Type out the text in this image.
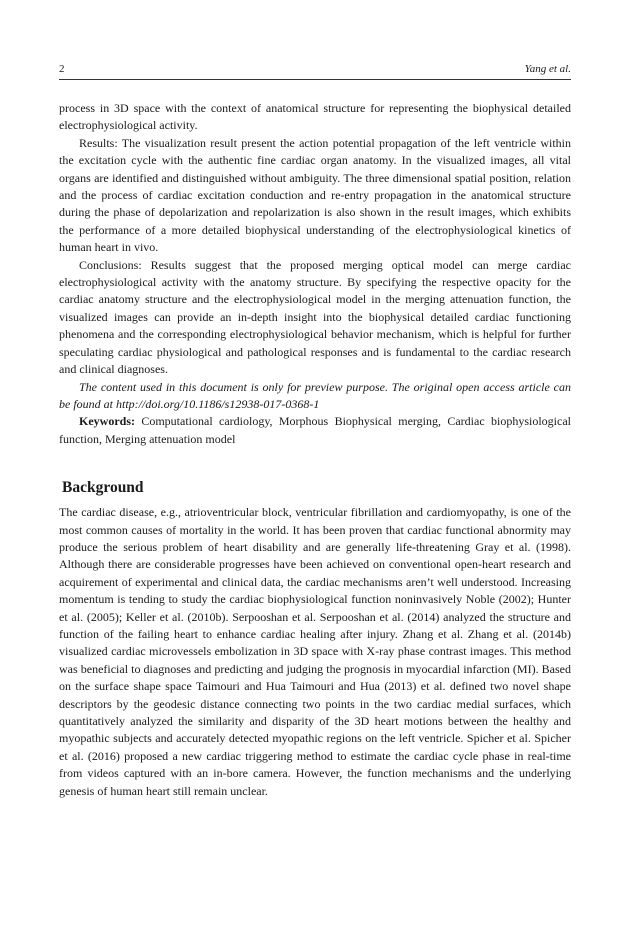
2	Yang et al.

process in 3D space with the context of anatomical structure for representing the biophysical detailed electrophysiological activity.

Results: The visualization result present the action potential propagation of the left ventricle within the excitation cycle with the authentic fine cardiac organ anatomy. In the visualized images, all vital organs are identified and distinguished without ambiguity. The three dimensional spatial position, relation and the process of cardiac excitation conduction and re-entry propagation in the anatomical structure during the phase of depolarization and repolarization is also shown in the result images, which exhibits the performance of a more detailed biophysical understanding of the electrophysiological kinetics of human heart in vivo.

Conclusions: Results suggest that the proposed merging optical model can merge cardiac electrophysiological activity with the anatomy structure. By specifying the respective opacity for the cardiac anatomy structure and the electrophysiological model in the merging attenuation function, the visualized images can provide an in-depth insight into the biophysical detailed cardiac functioning phenomena and the corresponding electrophysiological behavior mechanism, which is helpful for further speculating cardiac physiological and pathological responses and is fundamental to the cardiac research and clinical diagnoses.

The content used in this document is only for preview purpose. The original open access article can be found at http://doi.org/10.1186/s12938-017-0368-1

Keywords: Computational cardiology, Morphous Biophysical merging, Cardiac biophysiological function, Merging attenuation model

Background

The cardiac disease, e.g., atrioventricular block, ventricular fibrillation and cardiomyopathy, is one of the most common causes of mortality in the world. It has been proven that cardiac functional abnormity may produce the serious problem of heart disability and are generally life-threatening Gray et al. (1998). Although there are considerable progresses have been achieved on conventional open-heart research and acquirement of experimental and clinical data, the cardiac mechanisms aren’t well understood. Increasing momentum is tending to study the cardiac biophysiological function noninvasively Noble (2002); Hunter et al. (2005); Keller et al. (2010b). Serpooshan et al. Serpooshan et al. (2014) analyzed the structure and function of the failing heart to enhance cardiac healing after injury. Zhang et al. Zhang et al. (2014b) visualized cardiac microvessels embolization in 3D space with X-ray phase contrast images. This method was beneficial to diagnoses and predicting and judging the prognosis in myocardial infarction (MI). Based on the surface shape space Taimouri and Hua Taimouri and Hua (2013) et al. defined two novel shape descriptors by the geodesic distance connecting two points in the two cardiac medial surfaces, which quantitatively analyzed the similarity and disparity of the 3D heart motions between the healthy and myopathic subjects and accurately detected myopathic regions on the left ventricle. Spicher et al. Spicher et al. (2016) proposed a new cardiac triggering method to estimate the cardiac cycle phase in real-time from videos captured with an in-bore camera. However, the function mechanisms and the underlying genesis of human heart still remain unclear.
